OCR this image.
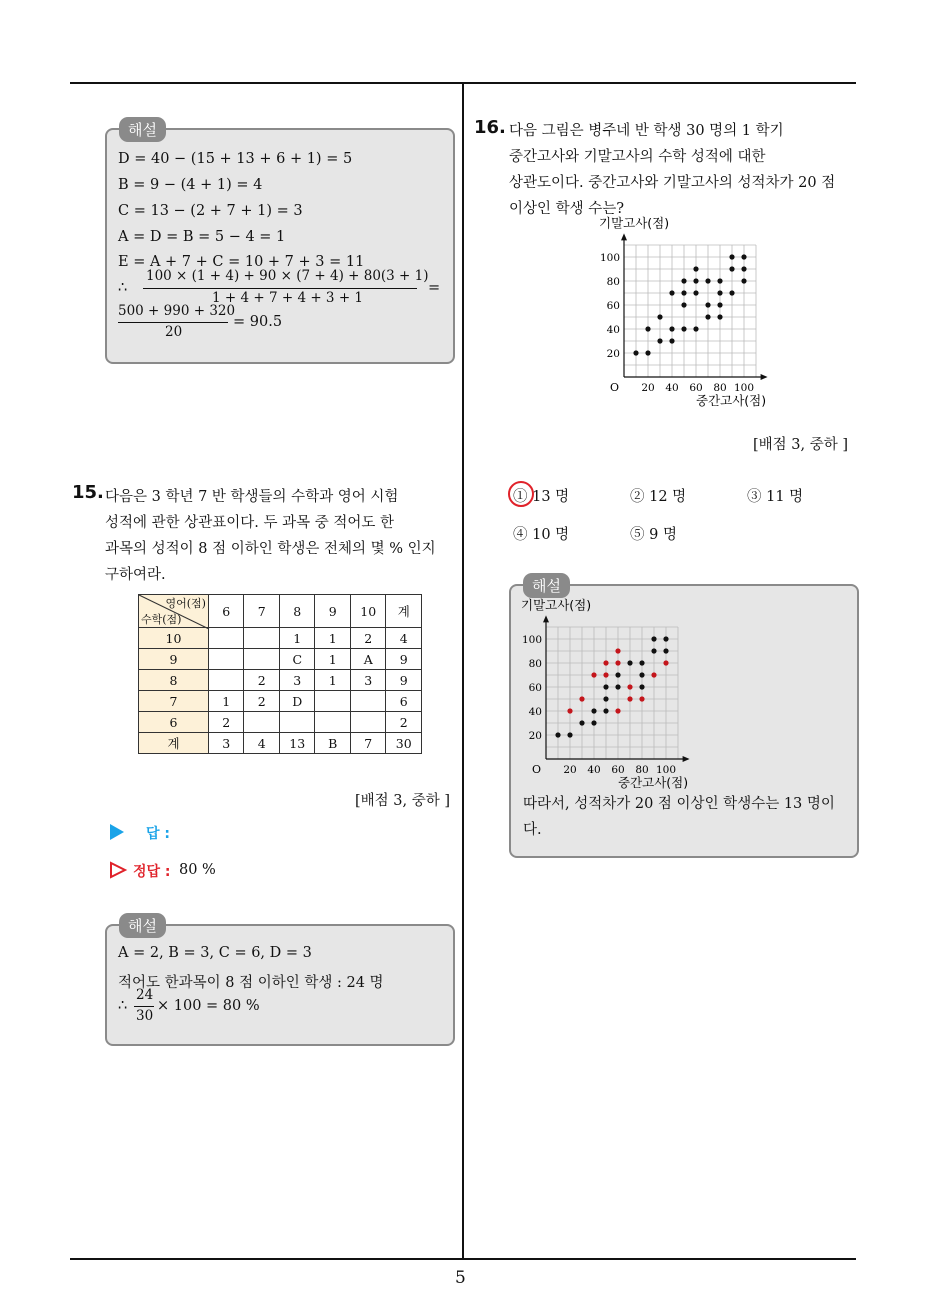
5
해설
D = 40 − (15 + 13 + 6 + 1) = 5
B = 9 − (4 + 1) = 4
C = 13 − (2 + 7 + 1) = 3
A = D = B = 5 − 4 = 1
E = A + 7 + C = 10 + 7 + 3 = 11
∴
100 × (1 + 4) + 90 × (7 + 4) + 80(3 + 1)
1 + 4 + 7 + 4 + 3 + 1
=
500 + 990 + 320
20
= 90.5
15. 다음은 3 학년 7 반 학생들의 수학과 영어 시험
성적에 관한 상관표이다. 두 과목 중 적어도 한
과목의 성적이 8 점 이하인 학생은 전체의 몇 % 인지
구하여라.
영어(점)
수학(점)	6	7	8	9	10	계
10			1	1	2	4
9			C	1	A	9
8		2	3	1	3	9
7	1	2	D			6
6	2					2
계	3	4	13	B	7	30
[배점 3, 중하 ]
답 :
정답 : 80 %
해설
A = 2, B = 3, C = 6, D = 3
적어도 한과목이 8 점 이하인 학생 : 24 명
∴
24
30
× 100 = 80 %
16. 다음 그림은 병주네 반 학생 30 명의 1 학기
중간고사와 기말고사의 수학 성적에 대한
상관도이다. 중간고사와 기말고사의 성적차가 20 점
이상인 학생 수는?
기말고사(점)
중간고사(점)
O 20 40 60 80 100
20
40
60
80
100
[배점 3, 중하 ]
① 13 명	② 12 명	③ 11 명
④ 10 명	⑤ 9 명
해설
기말고사(점)
중간고사(점)
O 20 40 60 80 100
20
40
60
80
100
따라서, 성적차가 20 점 이상인 학생수는 13 명이
다.
